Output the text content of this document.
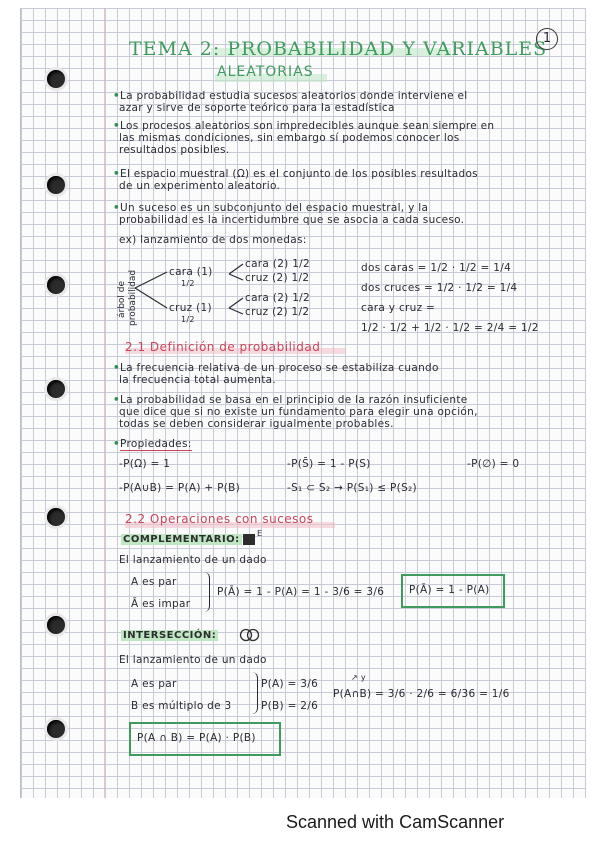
TEMA 2: PROBABILIDAD Y VARIABLES
ALEATORIAS
1
•La probabilidad estudia sucesos aleatorios donde interviene el
azar y sirve de soporte teórico para la estadística
•Los procesos aleatorios son impredecibles aunque sean siempre en
las mismas condiciones, sin embargo sí podemos conocer los
resultados posibles.
•El espacio muestral (Ω) es el conjunto de los posibles resultados
de un experimento aleatorio.
•Un suceso es un subconjunto del espacio muestral, y la
probabilidad es la incertidumbre que se asocia a cada suceso.
ex) lanzamiento de dos monedas:
árbol de probabilidad	cara (1)
1/2
cruz (1)
1/2
cara (2) 1/2
cruz (2) 1/2
cara (2) 1/2
cruz (2) 1/2
dos caras = 1/2 · 1/2 = 1/4
dos cruces = 1/2 · 1/2 = 1/4
cara y cruz =
1/2 · 1/2 + 1/2 · 1/2 = 2/4 = 1/2
2.1 Definición de probabilidad
•La frecuencia relativa de un proceso se estabiliza cuando
la frecuencia total aumenta.
•La probabilidad se basa en el principio de la razón insuficiente
que dice que si no existe un fundamento para elegir una opción,
todas se deben considerar igualmente probables.
•Propiedades:
-P(Ω) = 1	-P(S̄) = 1 - P(S)	-P(∅) = 0
-P(A∪B) = P(A) + P(B)	-S₁ ⊂ S₂ → P(S₁) ≤ P(S₂)
2.2 Operaciones con sucesos
COMPLEMENTARIO:
E
El lanzamiento de un dado
A es par
Ā es impar
P(Ā) = 1 - P(A) = 1 - 3/6 = 3/6 P(Ā) = 1 - P(A)
INTERSECCIÓN:
El lanzamiento de un dado
A es par
B es múltiplo de 3
P(A) = 3/6
P(B) = 2/6
↗ y
P(A∩B) = 3/6 · 2/6 = 6/36 = 1/6
P(A ∩ B) = P(A) · P(B)
Scanned with CamScanner
